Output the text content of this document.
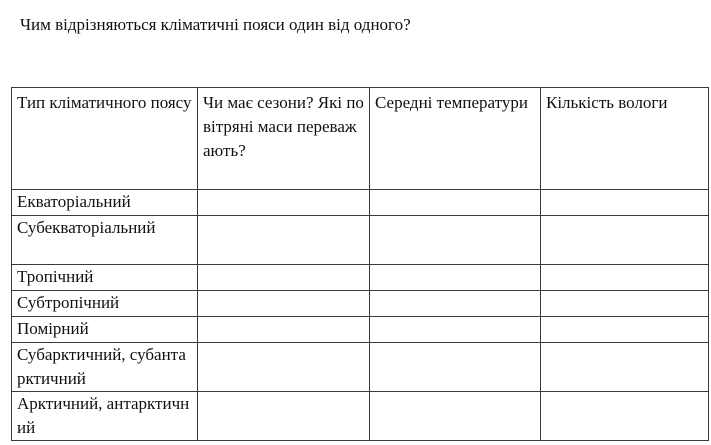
Чим відрізняються кліматичні пояси один від одного?
Тип кліматичного поясу	Чи має сезони? Які повітряні маси переважають?	Середні температури	Кількість вологи
Екваторіальний			
Субекваторіальний			
Тропічний			
Субтропічний			
Помірний			
Субарктичний, субантарктичний			
Арктичний, антарктичний			
